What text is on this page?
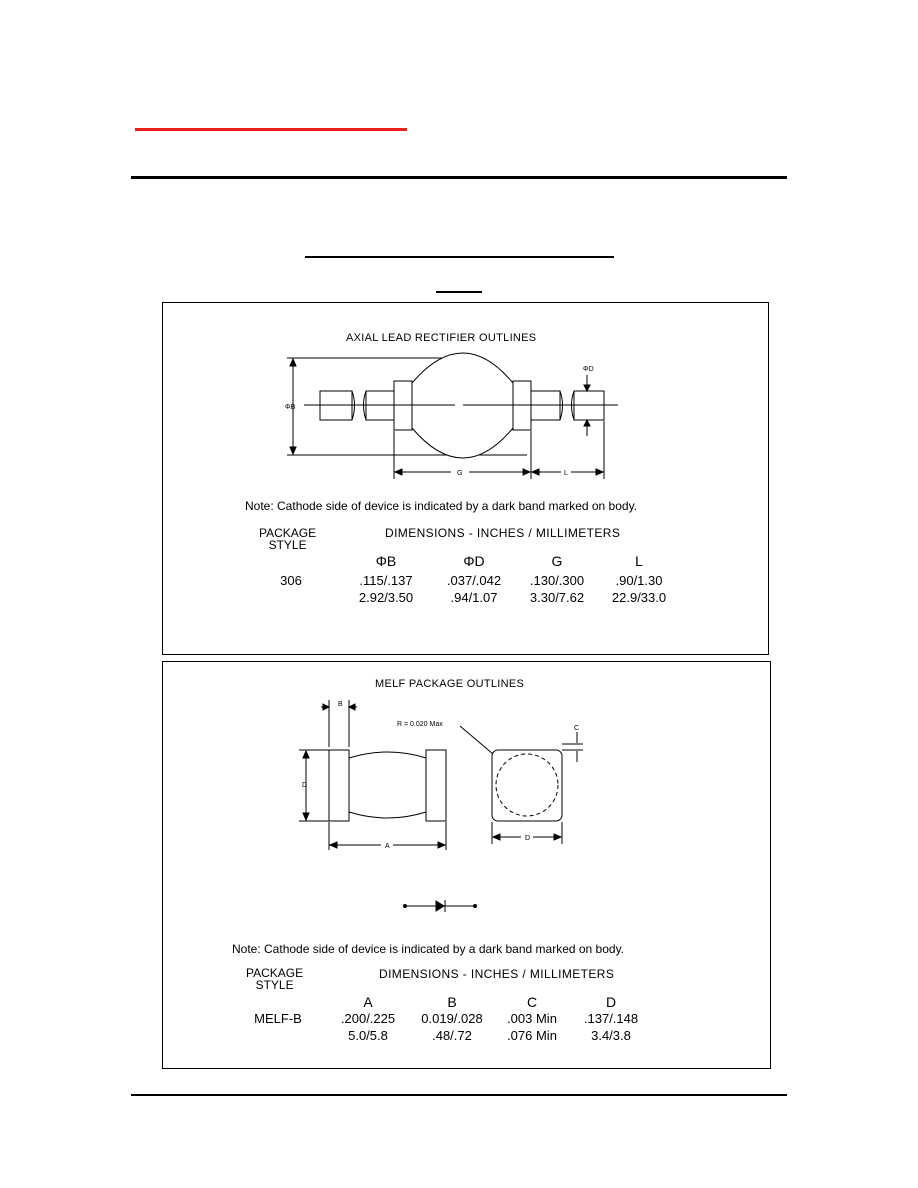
AXIAL LEAD RECTIFIER OUTLINES
ΦB
ΦD
G	L
Note: Cathode side of device is indicated by a dark band marked on body.
PACKAGE
STYLE
DIMENSIONS - INCHES / MILLIMETERS
ΦB	ΦD	G	L
306	.115/.137	.037/.042	.130/.300	.90/1.30
2.92/3.50	.94/1.07	3.30/7.62	22.9/33.0
MELF PACKAGE OUTLINES
B
D
A
R = 0.020 Max
C
D
Note: Cathode side of device is indicated by a dark band marked on body.
PACKAGE
STYLE
DIMENSIONS - INCHES / MILLIMETERS
A	B	C	D
MELF-B	.200/.225	0.019/.028	.003 Min	.137/.148
5.0/5.8	.48/.72	.076 Min	3.4/3.8
